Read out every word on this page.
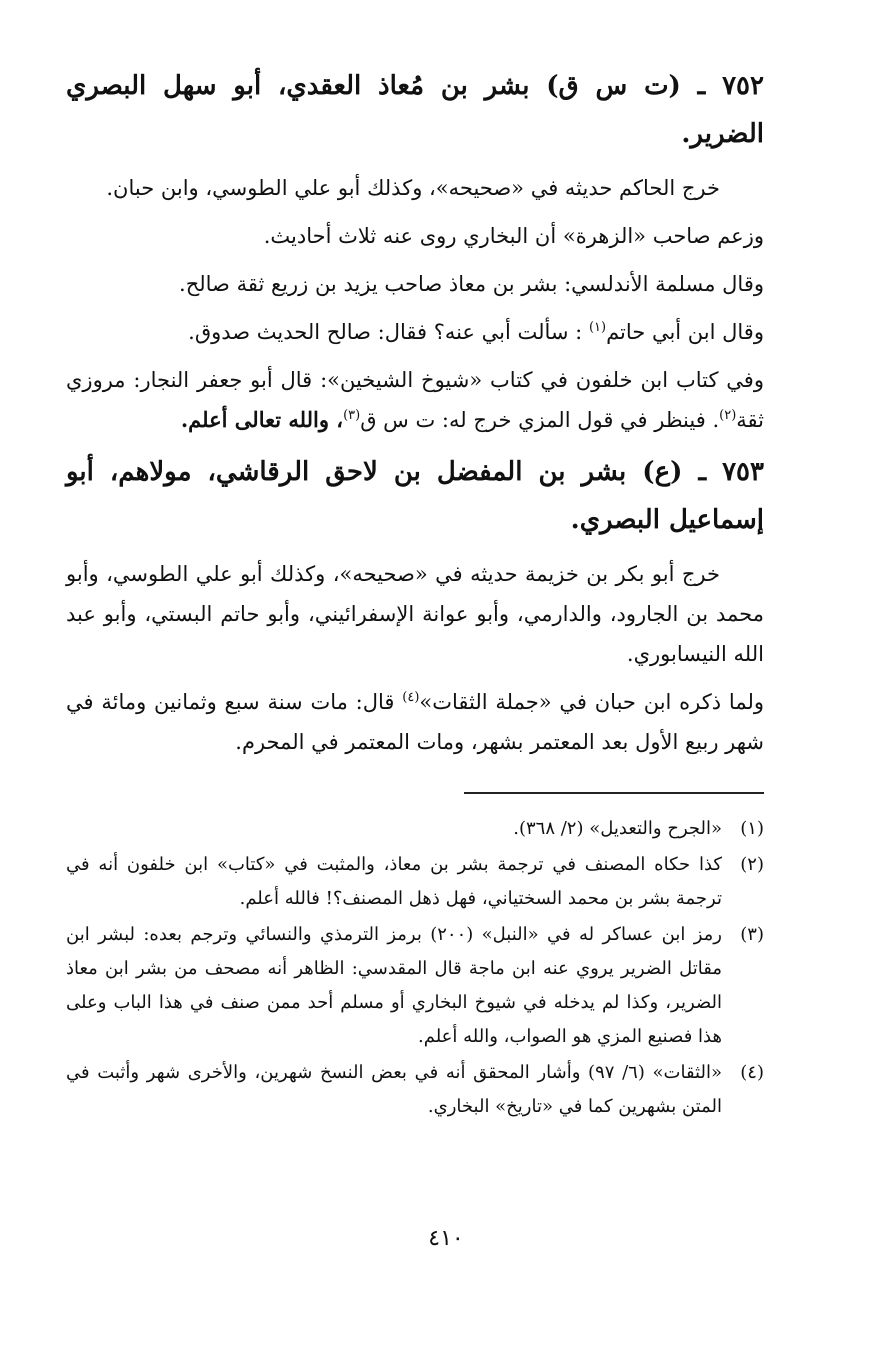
٧٥٢ ـ (ت س ق) بشر بن مُعاذ العقدي، أبو سهل البصري الضرير.
خرج الحاكم حديثه في «صحيحه»، وكذلك أبو علي الطوسي، وابن حبان.
وزعم صاحب «الزهرة» أن البخاري روى عنه ثلاث أحاديث.
وقال مسلمة الأندلسي: بشر بن معاذ صاحب يزيد بن زريع ثقة صالح.
وقال ابن أبي حاتم$^{(١)}$ : سألت أبي عنه؟ فقال: صالح الحديث صدوق.
وفي كتاب ابن خلفون في كتاب «شيوخ الشيخين»: قال أبو جعفر النجار: مروزي ثقة$^{(٢)}$. فينظر في قول المزي خرج له: ت س ق$^{(٣)}$، والله تعالى أعلم.
٧٥٣ ـ (ع) بشر بن المفضل بن لاحق الرقاشي، مولاهم، أبو إسماعيل البصري.
خرج أبو بكر بن خزيمة حديثه في «صحيحه»، وكذلك أبو علي الطوسي، وأبو محمد بن الجارود، والدارمي، وأبو عوانة الإسفرائيني، وأبو حاتم البستي، وأبو عبد الله النيسابوري.
ولما ذكره ابن حبان في «جملة الثقات»$^{(٤)}$ قال: مات سنة سبع وثمانين ومائة في شهر ربيع الأول بعد المعتمر بشهر، ومات المعتمر في المحرم.
(١)
«الجرح والتعديل» (٢/ ٣٦٨).
(٢)
كذا حكاه المصنف في ترجمة بشر بن معاذ، والمثبت في «كتاب» ابن خلفون أنه في ترجمة بشر بن محمد السختياني، فهل ذهل المصنف؟! فالله أعلم.
(٣)
رمز ابن عساكر له في «النبل» (٢٠٠) برمز الترمذي والنسائي وترجم بعده: لبشر ابن مقاتل الضرير يروي عنه ابن ماجة قال المقدسي: الظاهر أنه مصحف من بشر ابن معاذ الضرير، وكذا لم يدخله في شيوخ البخاري أو مسلم أحد ممن صنف في هذا الباب وعلى هذا فصنيع المزي هو الصواب، والله أعلم.
(٤)
«الثقات» (٦/ ٩٧) وأشار المحقق أنه في بعض النسخ شهرين، والأخرى شهر وأثبت في المتن بشهرين كما في «تاريخ» البخاري.
٤١٠
